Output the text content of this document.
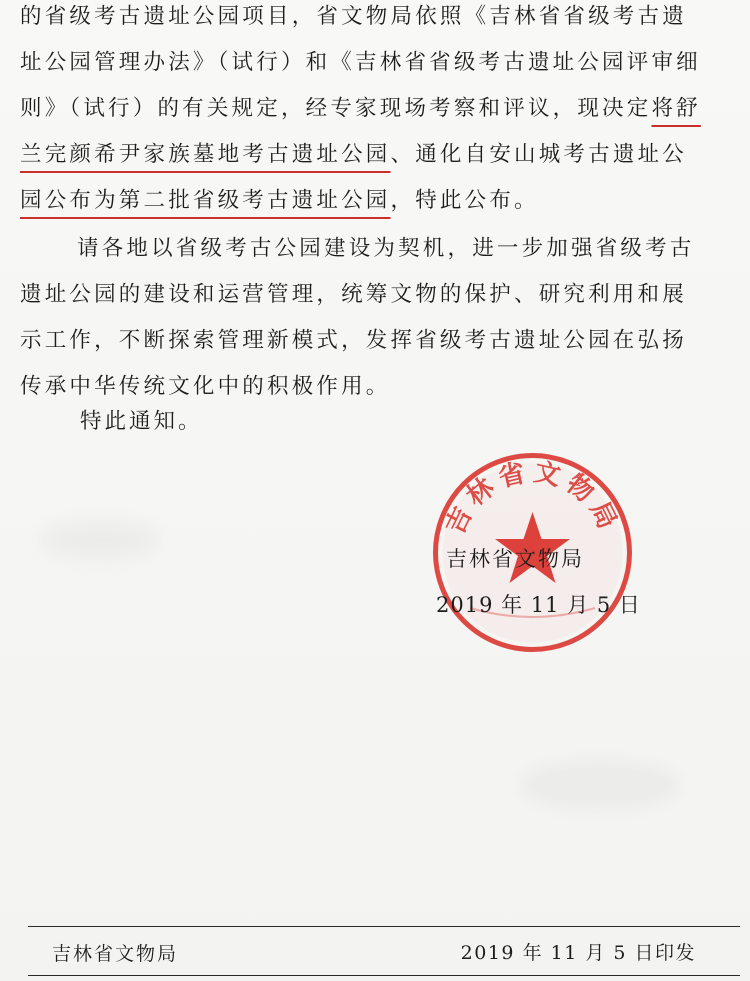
的省级考古遗址公园项目，省文物局依照《吉林省省级考古遗
址公园管理办法》（试行）和《吉林省省级考古遗址公园评审细
则》（试行）的有关规定，经专家现场考察和评议，现决定将舒
兰完颜希尹家族墓地考古遗址公园、通化自安山城考古遗址公
园公布为第二批省级考古遗址公园，特此公布。

请各地以省级考古公园建设为契机，进一步加强省级考古
遗址公园的建设和运营管理，统筹文物的保护、研究利用和展
示工作，不断探索管理新模式，发挥省级考古遗址公园在弘扬
传承中华传统文化中的积极作用。

特此通知。

吉林省文物局

吉林省文物局

2019 年 11 月 5 日

吉林省文物局	2019 年 11 月 5 日印发
